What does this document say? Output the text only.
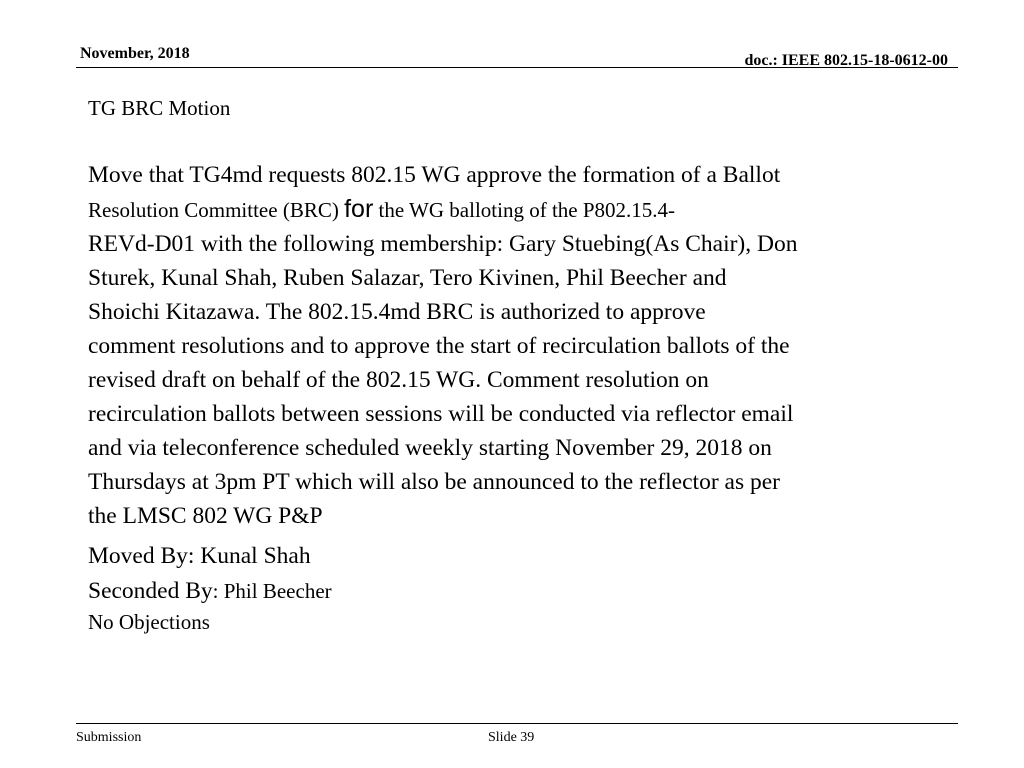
November, 2018	doc.: IEEE 802.15-18-0612-00
TG BRC Motion
Move that TG4md requests 802.15 WG approve the formation of a Ballot
Resolution Committee (BRC) for the WG balloting of the P802.15.4-
REVd-D01 with the following membership: Gary Stuebing(As Chair), Don
Sturek, Kunal Shah, Ruben Salazar, Tero Kivinen, Phil Beecher and
Shoichi Kitazawa. The 802.15.4md BRC is authorized to approve
comment resolutions and to approve the start of recirculation ballots of the
revised draft on behalf of the 802.15 WG. Comment resolution on
recirculation ballots between sessions will be conducted via reflector email
and via teleconference scheduled weekly starting November 29, 2018 on
Thursdays at 3pm PT which will also be announced to the reflector as per
the LMSC 802 WG P&P
Moved By: Kunal Shah
Seconded By: Phil Beecher
No Objections
Submission	Slide 39
